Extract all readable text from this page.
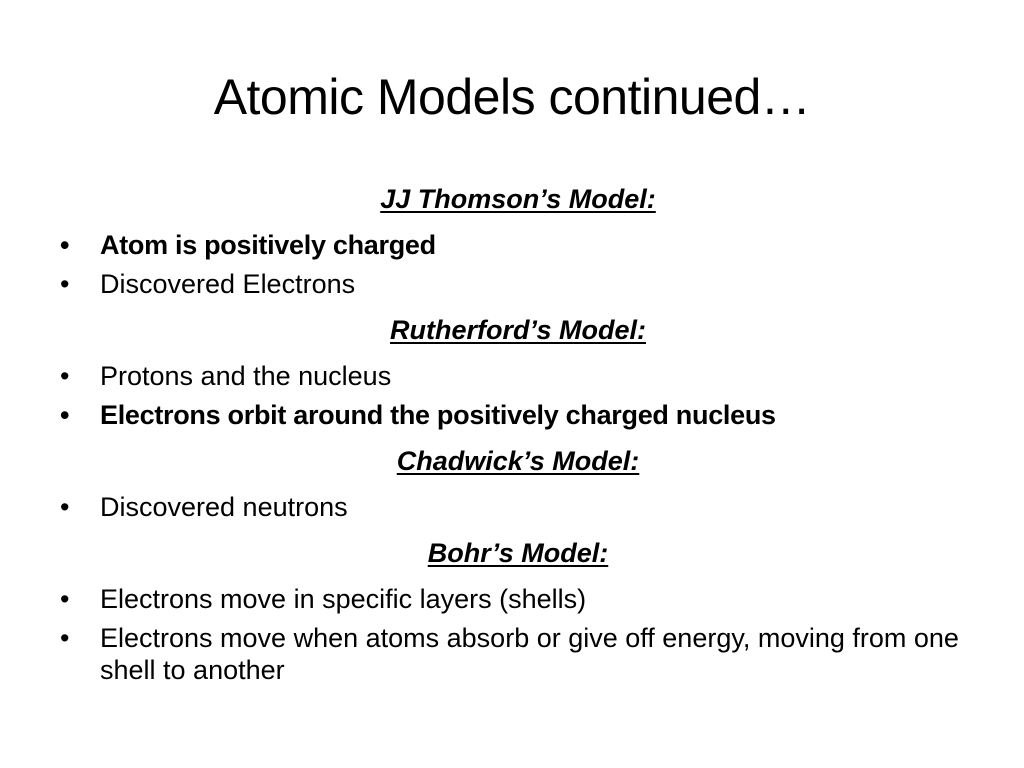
Atomic Models continued…
JJ Thomson’s Model:
• Atom is positively charged
• Discovered Electrons
Rutherford’s Model:
• Protons and the nucleus
• Electrons orbit around the positively charged nucleus
Chadwick’s Model:
• Discovered neutrons
Bohr’s Model:
• Electrons move in specific layers (shells)
• Electrons move when atoms absorb or give off energy, moving from one shell to another
